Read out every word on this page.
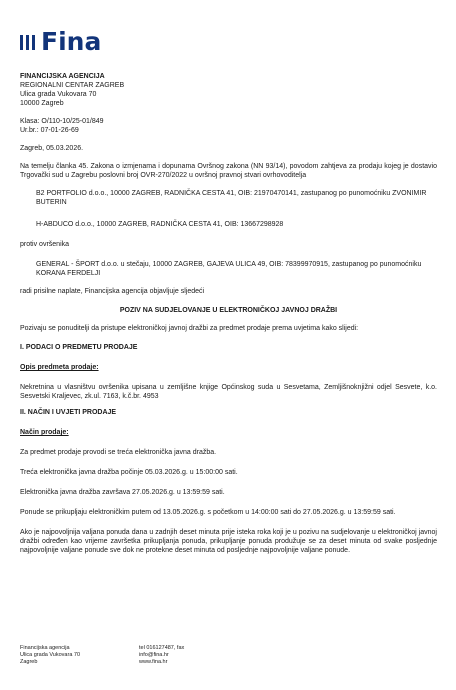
Fina

FINANCIJSKA AGENCIJA

REGIONALNI CENTAR ZAGREB

Ulica grada Vukovara 70

10000 Zagreb

Klasa: O/110-10/25-01/849

Ur.br.: 07-01-26-69

Zagreb, 05.03.2026.

Na temelju članka 45. Zakona o izmjenama i dopunama Ovršnog zakona (NN 93/14), povodom zahtjeva za prodaju kojeg je dostavio Trgovački sud u Zagrebu poslovni broj OVR-270/2022 u ovršnoj pravnoj stvari ovrhovoditelja

B2 PORTFOLIO d.o.o., 10000 ZAGREB, RADNIČKA CESTA 41, OIB: 21970470141, zastupanog po punomoćniku ZVONIMIR BUTERIN

H-ABDUCO d.o.o., 10000 ZAGREB, RADNIČKA CESTA 41, OIB: 13667298928

protiv ovršenika

GENERAL - ŠPORT d.o.o. u stečaju, 10000 ZAGREB, GAJEVA ULICA 49, OIB: 78399970915, zastupanog po punomoćniku KORANA FERDELJI

radi prisilne naplate, Financijska agencija objavljuje sljedeći

POZIV NA SUDJELOVANJE U ELEKTRONIČKOJ JAVNOJ DRAŽBI

Pozivaju se ponuditelji da pristupe elektroničkoj javnoj dražbi za predmet prodaje prema uvjetima kako slijedi:

I. PODACI O PREDMETU PRODAJE

Opis predmeta prodaje:

Nekretnina u vlasništvu ovršenika upisana u zemljišne knjige Općinskog suda u Sesvetama, Zemljišnoknjižni odjel Sesvete, k.o. Sesvetski Kraljevec, zk.ul. 7163, k.č.br. 4953

II. NAČIN I UVJETI PRODAJE

Način prodaje:

Za predmet prodaje provodi se treća elektronička javna dražba.

Treća elektronička javna dražba počinje 05.03.2026.g. u 15:00:00 sati.

Elektronička javna dražba završava 27.05.2026.g. u 13:59:59 sati.

Ponude se prikupljaju elektroničkim putem od 13.05.2026.g. s početkom u 14:00:00 sati do 27.05.2026.g. u 13:59:59 sati.

Ako je najpovoljnija valjana ponuda dana u zadnjih deset minuta prije isteka roka koji je u pozivu na sudjelovanje u elektroničkoj javnoj dražbi određen kao vrijeme završetka prikupljanja ponuda, prikupljanje ponuda produžuje se za deset minuta od svake posljednje najpovoljnije valjane ponude sve dok ne protekne deset minuta od posljednje najpovoljnije valjane ponude.

Financijska agencija
Ulica grada Vukovara 70
Zagreb
tel 016127487, fax
info@fina.hr
www.fina.hr
